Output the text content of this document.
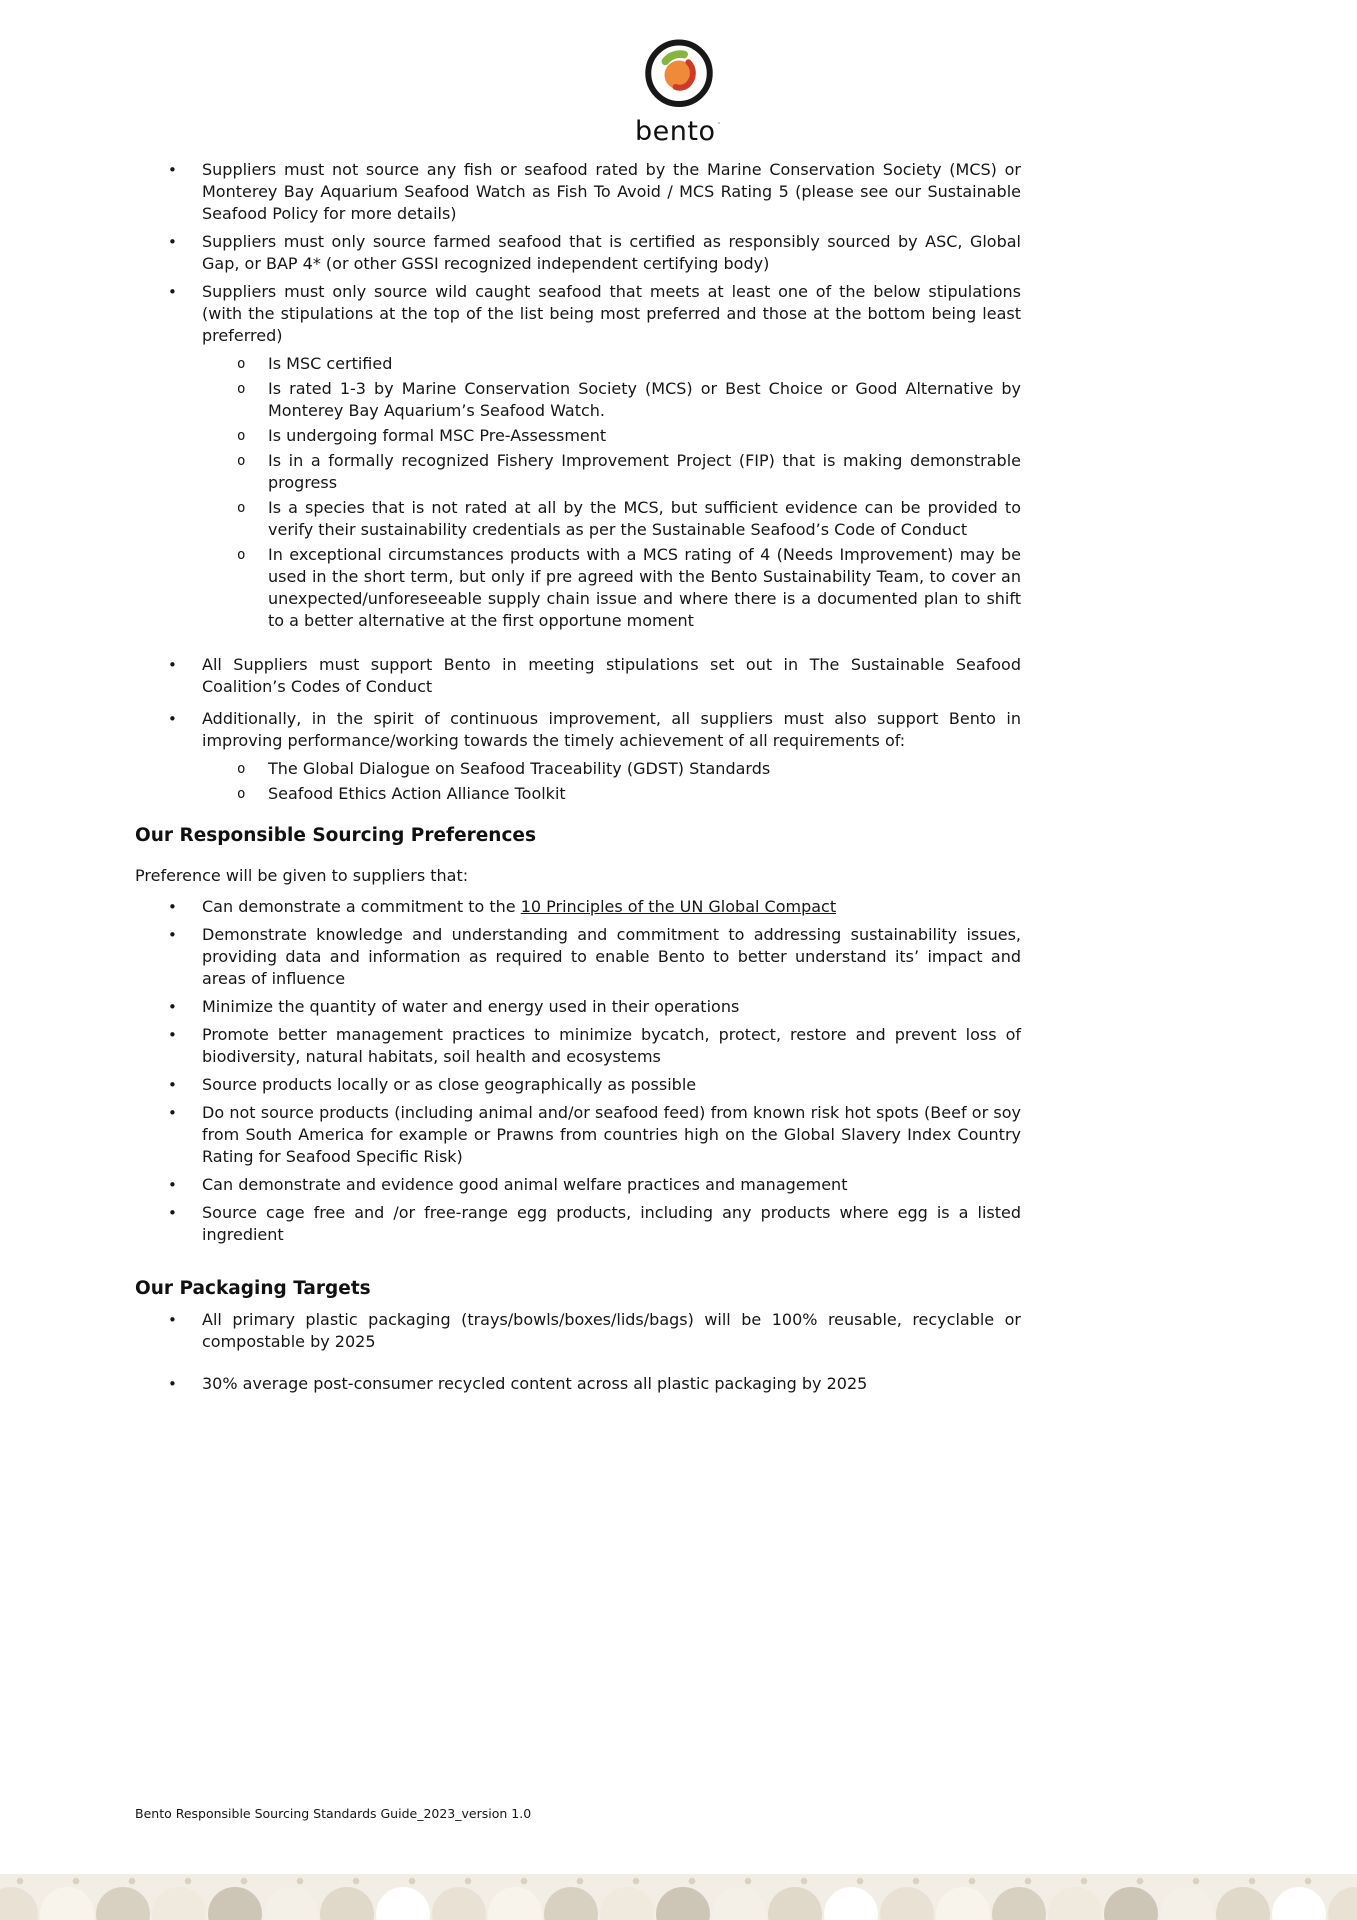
bento˙
• Suppliers must not source any fish or seafood rated by the Marine Conservation Society (MCS) or Monterey Bay Aquarium Seafood Watch as Fish To Avoid / MCS Rating 5 (please see our Sustainable Seafood Policy for more details)

• Suppliers must only source farmed seafood that is certified as responsibly sourced by ASC, Global Gap, or BAP 4* (or other GSSI recognized independent certifying body)

• Suppliers must only source wild caught seafood that meets at least one of the below stipulations (with the stipulations at the top of the list being most preferred and those at the bottom being least preferred)

o Is MSC certified

o Is rated 1-3 by Marine Conservation Society (MCS) or Best Choice or Good Alternative by Monterey Bay Aquarium’s Seafood Watch.

o Is undergoing formal MSC Pre-Assessment

o Is in a formally recognized Fishery Improvement Project (FIP) that is making demonstrable progress

o Is a species that is not rated at all by the MCS, but sufficient evidence can be provided to verify their sustainability credentials as per the Sustainable Seafood’s Code of Conduct

o In exceptional circumstances products with a MCS rating of 4 (Needs Improvement) may be used in the short term, but only if pre agreed with the Bento Sustainability Team, to cover an unexpected/unforeseeable supply chain issue and where there is a documented plan to shift to a better alternative at the first opportune moment

• All Suppliers must support Bento in meeting stipulations set out in The Sustainable Seafood Coalition’s Codes of Conduct

• Additionally, in the spirit of continuous improvement, all suppliers must also support Bento in improving performance/working towards the timely achievement of all requirements of:

o The Global Dialogue on Seafood Traceability (GDST) Standards

o Seafood Ethics Action Alliance Toolkit

Our Responsible Sourcing Preferences

Preference will be given to suppliers that:

• Can demonstrate a commitment to the 10 Principles of the UN Global Compact

• Demonstrate knowledge and understanding and commitment to addressing sustainability issues, providing data and information as required to enable Bento to better understand its’ impact and areas of influence

• Minimize the quantity of water and energy used in their operations

• Promote better management practices to minimize bycatch, protect, restore and prevent loss of biodiversity, natural habitats, soil health and ecosystems

• Source products locally or as close geographically as possible

• Do not source products (including animal and/or seafood feed) from known risk hot spots (Beef or soy from South America for example or Prawns from countries high on the Global Slavery Index Country Rating for Seafood Specific Risk)

• Can demonstrate and evidence good animal welfare practices and management

• Source cage free and /or free-range egg products, including any products where egg is a listed ingredient

Our Packaging Targets
• All primary plastic packaging (trays/bowls/boxes/lids/bags) will be 100% reusable, recyclable or compostable by 2025

• 30% average post-consumer recycled content across all plastic packaging by 2025

Bento Responsible Sourcing Standards Guide_2023_version 1.0
